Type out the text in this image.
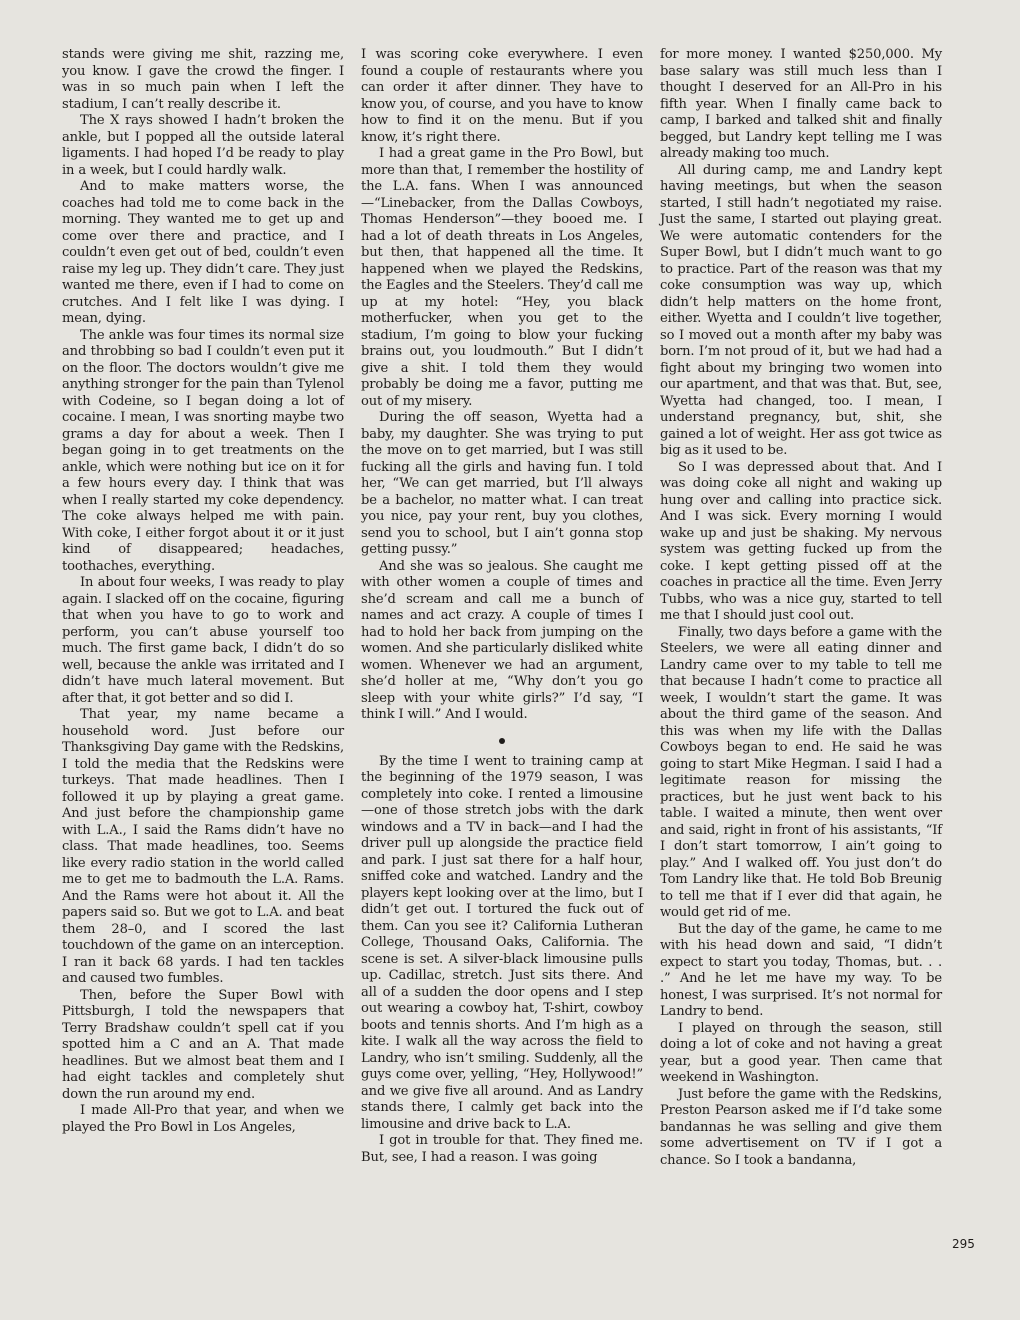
stands were giving me shit, razzing me, you know. I gave the crowd the finger. I was in so much pain when I left the stadium, I can’t really describe it.

The X rays showed I hadn’t broken the ankle, but I popped all the outside lateral ligaments. I had hoped I’d be ready to play in a week, but I could hardly walk.

And to make matters worse, the coaches had told me to come back in the morning. They wanted me to get up and come over there and practice, and I couldn’t even get out of bed, couldn’t even raise my leg up. They didn’t care. They just wanted me there, even if I had to come on crutches. And I felt like I was dying. I mean, dying.

The ankle was four times its normal size and throbbing so bad I couldn’t even put it on the floor. The doctors wouldn’t give me anything stronger for the pain than Tylenol with Codeine, so I began doing a lot of cocaine. I mean, I was snorting maybe two grams a day for about a week. Then I began going in to get treatments on the ankle, which were nothing but ice on it for a few hours every day. I think that was when I really started my coke dependency. The coke always helped me with pain. With coke, I either forgot about it or it just kind of disappeared; headaches, toothaches, everything.

In about four weeks, I was ready to play again. I slacked off on the cocaine, figuring that when you have to go to work and perform, you can’t abuse yourself too much. The first game back, I didn’t do so well, because the ankle was irritated and I didn’t have much lateral movement. But after that, it got better and so did I.

That year, my name became a household word. Just before our Thanksgiving Day game with the Redskins, I told the media that the Redskins were turkeys. That made headlines. Then I followed it up by playing a great game. And just before the championship game with L.A., I said the Rams didn’t have no class. That made headlines, too. Seems like every radio station in the world called me to get me to badmouth the L.A. Rams. And the Rams were hot about it. All the papers said so. But we got to L.A. and beat them 28–0, and I scored the last touchdown of the game on an interception. I ran it back 68 yards. I had ten tackles and caused two fumbles.

Then, before the Super Bowl with Pittsburgh, I told the newspapers that Terry Bradshaw couldn’t spell cat if you spotted him a C and an A. That made headlines. But we almost beat them and I had eight tackles and completely shut down the run around my end.

I made All-Pro that year, and when we played the Pro Bowl in Los Angeles,

I was scoring coke everywhere. I even found a couple of restaurants where you can order it after dinner. They have to know you, of course, and you have to know how to find it on the menu. But if you know, it’s right there.

I had a great game in the Pro Bowl, but more than that, I remember the hostility of the L.A. fans. When I was announced—“Linebacker, from the Dallas Cowboys, Thomas Henderson”—they booed me. I had a lot of death threats in Los Angeles, but then, that happened all the time. It happened when we played the Redskins, the Eagles and the Steelers. They’d call me up at my hotel: “Hey, you black motherfucker, when you get to the stadium, I’m going to blow your fucking brains out, you loudmouth.” But I didn’t give a shit. I told them they would probably be doing me a favor, putting me out of my misery.

During the off season, Wyetta had a baby, my daughter. She was trying to put the move on to get married, but I was still fucking all the girls and having fun. I told her, “We can get married, but I’ll always be a bachelor, no matter what. I can treat you nice, pay your rent, buy you clothes, send you to school, but I ain’t gonna stop getting pussy.”

And she was so jealous. She caught me with other women a couple of times and she’d scream and call me a bunch of names and act crazy. A couple of times I had to hold her back from jumping on the women. And she particularly disliked white women. Whenever we had an argument, she’d holler at me, “Why don’t you go sleep with your white girls?” I’d say, “I think I will.” And I would.

By the time I went to training camp at the beginning of the 1979 season, I was completely into coke. I rented a limousine—one of those stretch jobs with the dark windows and a TV in back—and I had the driver pull up alongside the practice field and park. I just sat there for a half hour, sniffed coke and watched. Landry and the players kept looking over at the limo, but I didn’t get out. I tortured the fuck out of them. Can you see it? California Lutheran College, Thousand Oaks, California. The scene is set. A silver-black limousine pulls up. Cadillac, stretch. Just sits there. And all of a sudden the door opens and I step out wearing a cowboy hat, T-shirt, cowboy boots and tennis shorts. And I’m high as a kite. I walk all the way across the field to Landry, who isn’t smiling. Suddenly, all the guys come over, yelling, “Hey, Hollywood!” and we give five all around. And as Landry stands there, I calmly get back into the limousine and drive back to L.A.

I got in trouble for that. They fined me. But, see, I had a reason. I was going

for more money. I wanted $250,000. My base salary was still much less than I thought I deserved for an All-Pro in his fifth year. When I finally came back to camp, I barked and talked shit and finally begged, but Landry kept telling me I was already making too much.

All during camp, me and Landry kept having meetings, but when the season started, I still hadn’t negotiated my raise. Just the same, I started out playing great. We were automatic contenders for the Super Bowl, but I didn’t much want to go to practice. Part of the reason was that my coke consumption was way up, which didn’t help matters on the home front, either. Wyetta and I couldn’t live together, so I moved out a month after my baby was born. I’m not proud of it, but we had had a fight about my bringing two women into our apartment, and that was that. But, see, Wyetta had changed, too. I mean, I understand pregnancy, but, shit, she gained a lot of weight. Her ass got twice as big as it used to be.

So I was depressed about that. And I was doing coke all night and waking up hung over and calling into practice sick. And I was sick. Every morning I would wake up and just be shaking. My nervous system was getting fucked up from the coke. I kept getting pissed off at the coaches in practice all the time. Even Jerry Tubbs, who was a nice guy, started to tell me that I should just cool out.

Finally, two days before a game with the Steelers, we were all eating dinner and Landry came over to my table to tell me that because I hadn’t come to practice all week, I wouldn’t start the game. It was about the third game of the season. And this was when my life with the Dallas Cowboys began to end. He said he was going to start Mike Hegman. I said I had a legitimate reason for missing the practices, but he just went back to his table. I waited a minute, then went over and said, right in front of his assistants, “If I don’t start tomorrow, I ain’t going to play.” And I walked off. You just don’t do Tom Landry like that. He told Bob Breunig to tell me that if I ever did that again, he would get rid of me.

But the day of the game, he came to me with his head down and said, “I didn’t expect to start you today, Thomas, but. . . .” And he let me have my way. To be honest, I was surprised. It’s not normal for Landry to bend.

I played on through the season, still doing a lot of coke and not having a great year, but a good year. Then came that weekend in Washington.

Just before the game with the Redskins, Preston Pearson asked me if I’d take some bandannas he was selling and give them some advertisement on TV if I got a chance. So I took a bandanna,

295
